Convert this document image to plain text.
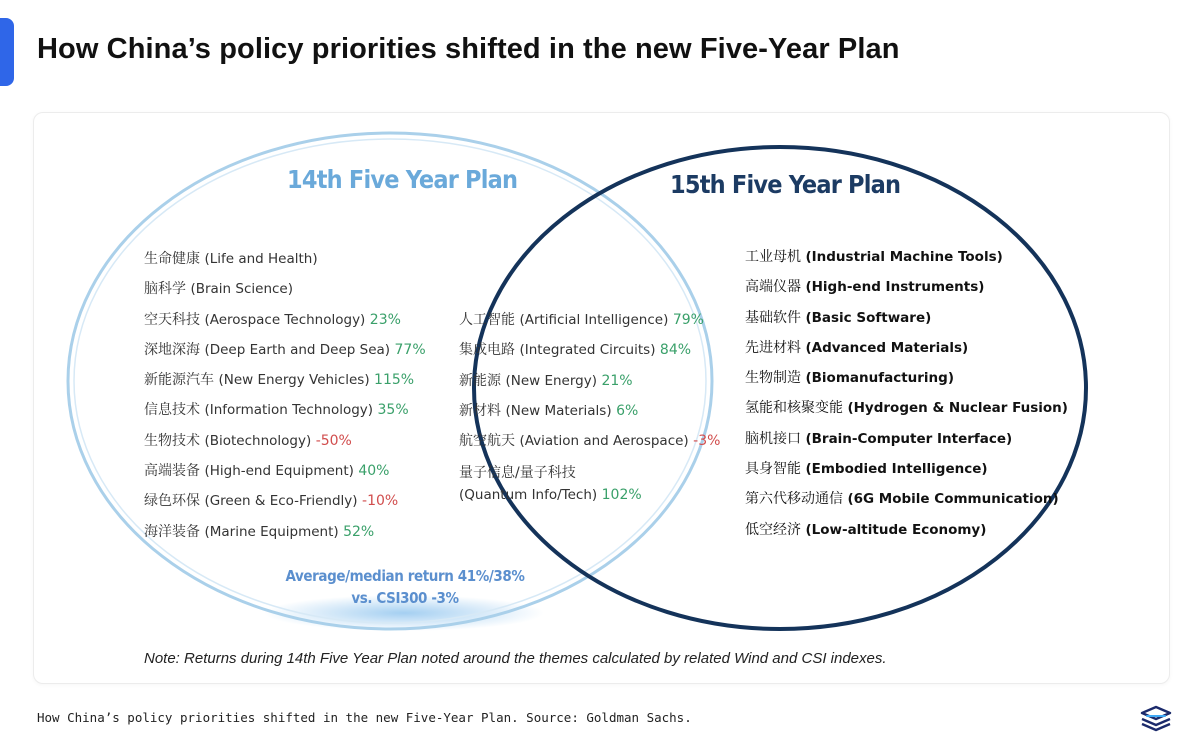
How China’s policy priorities shifted in the new Five-Year Plan
14th Five Year Plan	15th Five Year Plan
生命健康 (Life and Health)
脑科学 (Brain Science)
空天科技 (Aerospace Technology) 23%
深地深海 (Deep Earth and Deep Sea) 77%
新能源汽车 (New Energy Vehicles) 115%
信息技术 (Information Technology) 35%
生物技术 (Biotechnology) -50%
高端装备 (High-end Equipment) 40%
绿色环保 (Green & Eco-Friendly) -10%
海洋装备 (Marine Equipment) 52%
人工智能 (Artificial Intelligence) 79%
集成电路 (Integrated Circuits) 84%
新能源 (New Energy) 21%
新材料 (New Materials) 6%
航空航天 (Aviation and Aerospace) -3%
量子信息/量子科技
(Quantum Info/Tech) 102%
工业母机 (Industrial Machine Tools)
高端仪器 (High-end Instruments)
基础软件 (Basic Software)
先进材料 (Advanced Materials)
生物制造 (Biomanufacturing)
氢能和核聚变能 (Hydrogen & Nuclear Fusion)
脑机接口 (Brain-Computer Interface)
具身智能 (Embodied Intelligence)
第六代移动通信 (6G Mobile Communication)
低空经济 (Low-altitude Economy)
Average/median return 41%/38%
vs. CSI300 -3%
Note: Returns during 14th Five Year Plan noted around the themes calculated by related Wind and CSI indexes.
How China’s policy priorities shifted in the new Five-Year Plan. Source: Goldman Sachs.
